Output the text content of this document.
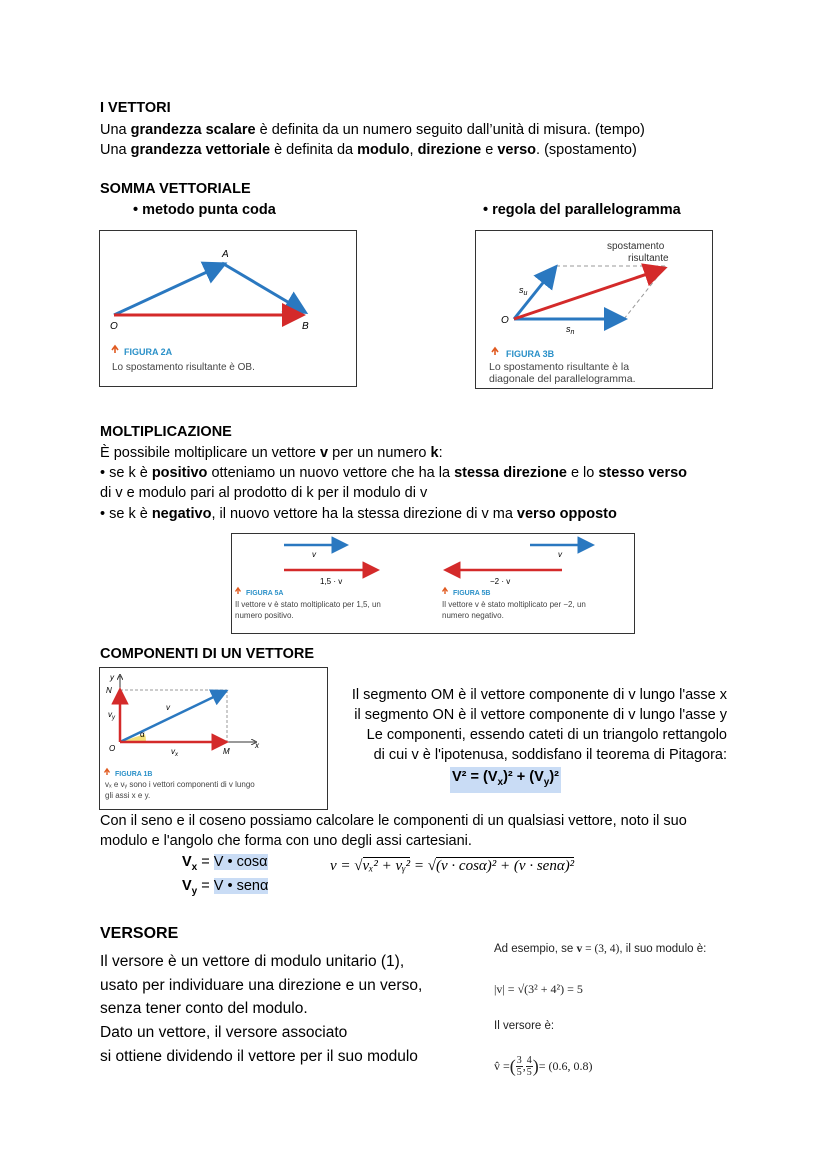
I VETTORI
Una grandezza scalare è definita da un numero seguito dall’unità di misura. (tempo)
Una grandezza vettoriale è definita da modulo, direzione e verso. (spostamento)
SOMMA VETTORIALE
• metodo punta coda	• regola del parallelogramma
A
O	B
FIGURA 2A
Lo spostamento risultante è OB.
spostamento
risultante
$s_u$
$s_n$
O
FIGURA 3B
Lo spostamento risultante è la
diagonale del parallelogramma.
MOLTIPLICAZIONE
È possibile moltiplicare un vettore v per un numero k:
• se k è positivo otteniamo un nuovo vettore che ha la stessa direzione e lo stesso verso
di v e modulo pari al prodotto di k per il modulo di v
• se k è negativo, il nuovo vettore ha la stessa direzione di v ma verso opposto
v
1,5 · v
FIGURA 5A
Il vettore v è stato moltiplicato per 1,5, un
numero positivo.
v
−2 · v
FIGURA 5B
Il vettore v è stato moltiplicato per −2, un
numero negativo.
COMPONENTI DI UN VETTORE
y
N
$v_y$
v
α
O	$v_x$	M
x
FIGURA 1B
vₓ e vᵧ sono i vettori componenti di v lungo
gli assi x e y.
Il segmento OM è il vettore componente di v lungo l'asse x
il segmento ON è il vettore componente di v lungo l'asse y
Le componenti, essendo cateti di un triangolo rettangolo
di cui v è l'ipotenusa, soddisfano il teorema di Pitagora:
$V^2 = (V_x)^2 + (V_y)^2$
Con il seno e il coseno possiamo calcolare le componenti di un qualsiasi vettore, noto il suo
modulo e l'angolo che forma con uno degli assi cartesiani.
$V_x = V$ • cosα
$V_y = V$ • senα
v = √vₓ² + vᵧ² = √(v · cosα)² + (v · senα)²
VERSORE
Il versore è un vettore di modulo unitario (1),
usato per individuare una direzione e un verso,
senza tener conto del modulo.
Dato un vettore, il versore associato
si ottiene dividendo il vettore per il suo modulo
Ad esempio, se v = (3, 4), il suo modulo è:
|v| = √(3² + 4²) = 5
Il versore è:
v̂ = ( 3
5 , 4
5 ) = (0.6, 0.8)
